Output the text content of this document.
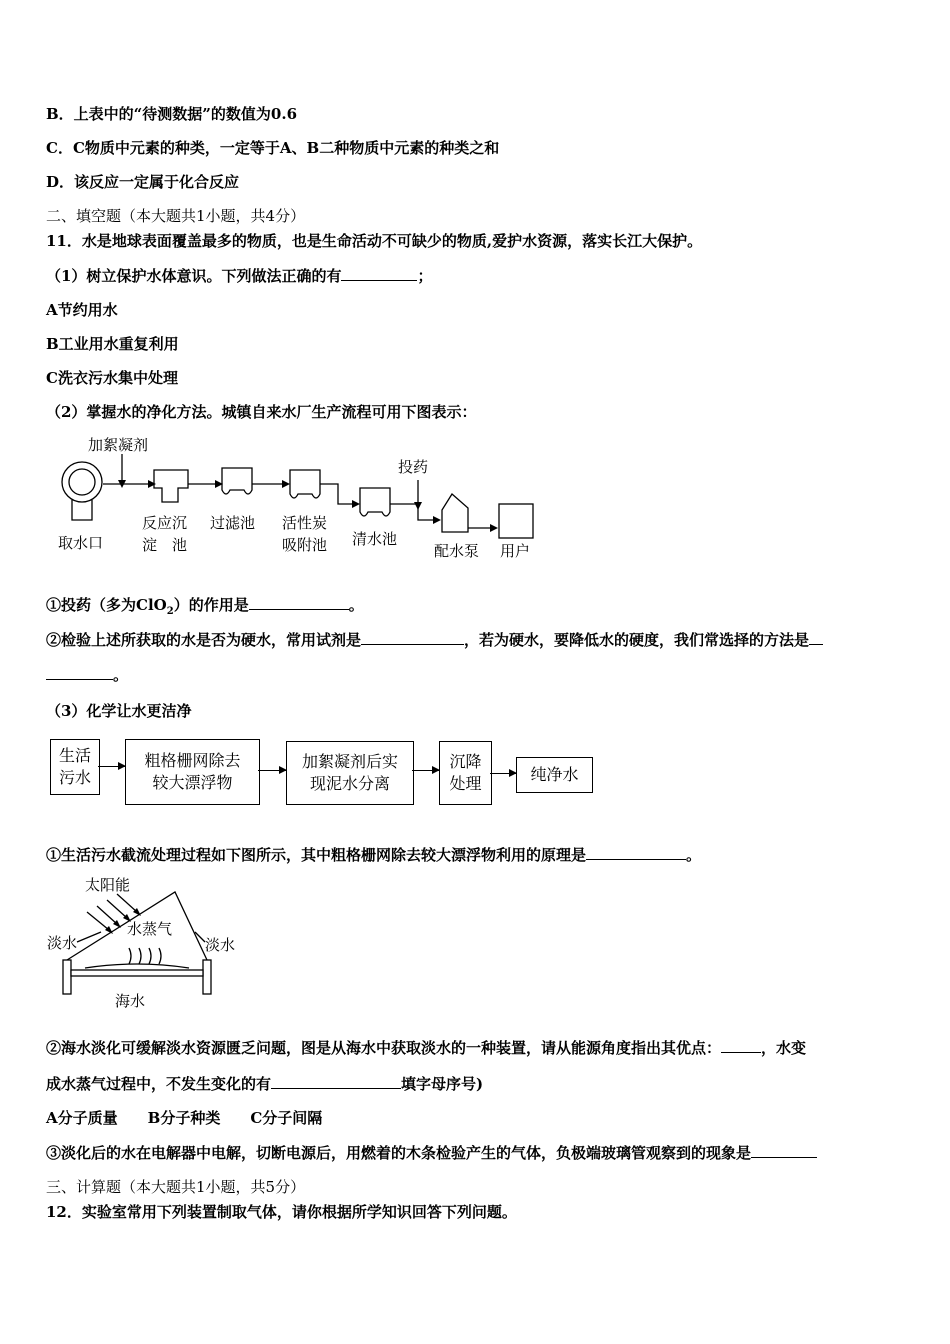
B．上表中的“待测数据”的数值为0.6
C．C物质中元素的种类，一定等于A、B二种物质中元素的种类之和
D．该反应一定属于化合反应
二、填空题（本大题共1小题，共4分）
11．水是地球表面覆盖最多的物质，也是生命活动不可缺少的物质,爱护水资源，落实长江大保护。
（1）树立保护水体意识。下列做法正确的有	；
A节约用水
B工业用水重复利用
C洗衣污水集中处理
（2）掌握水的净化方法。城镇自来水厂生产流程可用下图表示：
加絮凝剂
取水口
反应沉
淀　池
过滤池 活性炭
吸附池 清水池
投药
配水泵 用户
①投药（多为ClO$_2$）的作用是	。
②检验上述所获取的水是否为硬水，常用试剂是	，若为硬水，要降低水的硬度，我们常选择的方法是
。
（3）化学让水更洁净
生活
污水
粗格栅网除去
较大漂浮物
加絮凝剂后实
现泥水分离
沉降
处理	纯净水
①生活污水截流处理过程如下图所示，其中粗格栅网除去较大漂浮物利用的原理是	。
太阳能
淡水
水蒸气
淡水
海水
②海水淡化可缓解淡水资源匮乏问题，图是从海水中获取淡水的一种装置，请从能源角度指出其优点：	，水变
成水蒸气过程中，不发生变化的有	填字母序号)
A分子质量　　B分子种类　　C分子间隔
③淡化后的水在电解器中电解，切断电源后，用燃着的木条检验产生的气体，负极端玻璃管观察到的现象是
三、计算题（本大题共1小题，共5分）
12．实验室常用下列装置制取气体，请你根据所学知识回答下列问题。
